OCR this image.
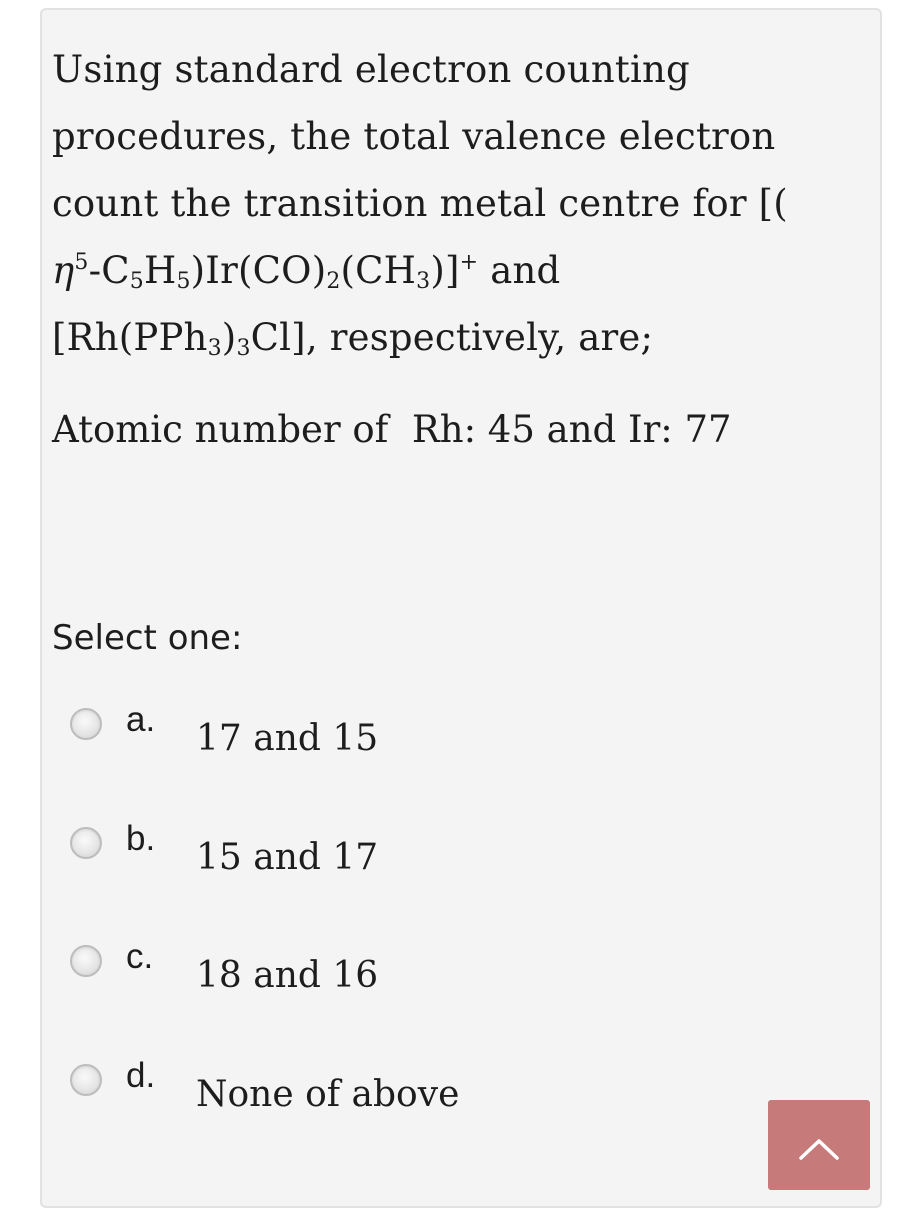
Using standard electron counting

procedures, the total valence electron

count the transition metal centre for [(

$\eta^5-C_5H_5)Ir(CO)_2(CH_3)]^+$ and

$[Rh(PPh_3)_3Cl]$, respectively, are;

Atomic number of  Rh: 45 and Ir: 77
Select one:
a. 17 and 15
b. 15 and 17
c. 18 and 16
d. None of above
